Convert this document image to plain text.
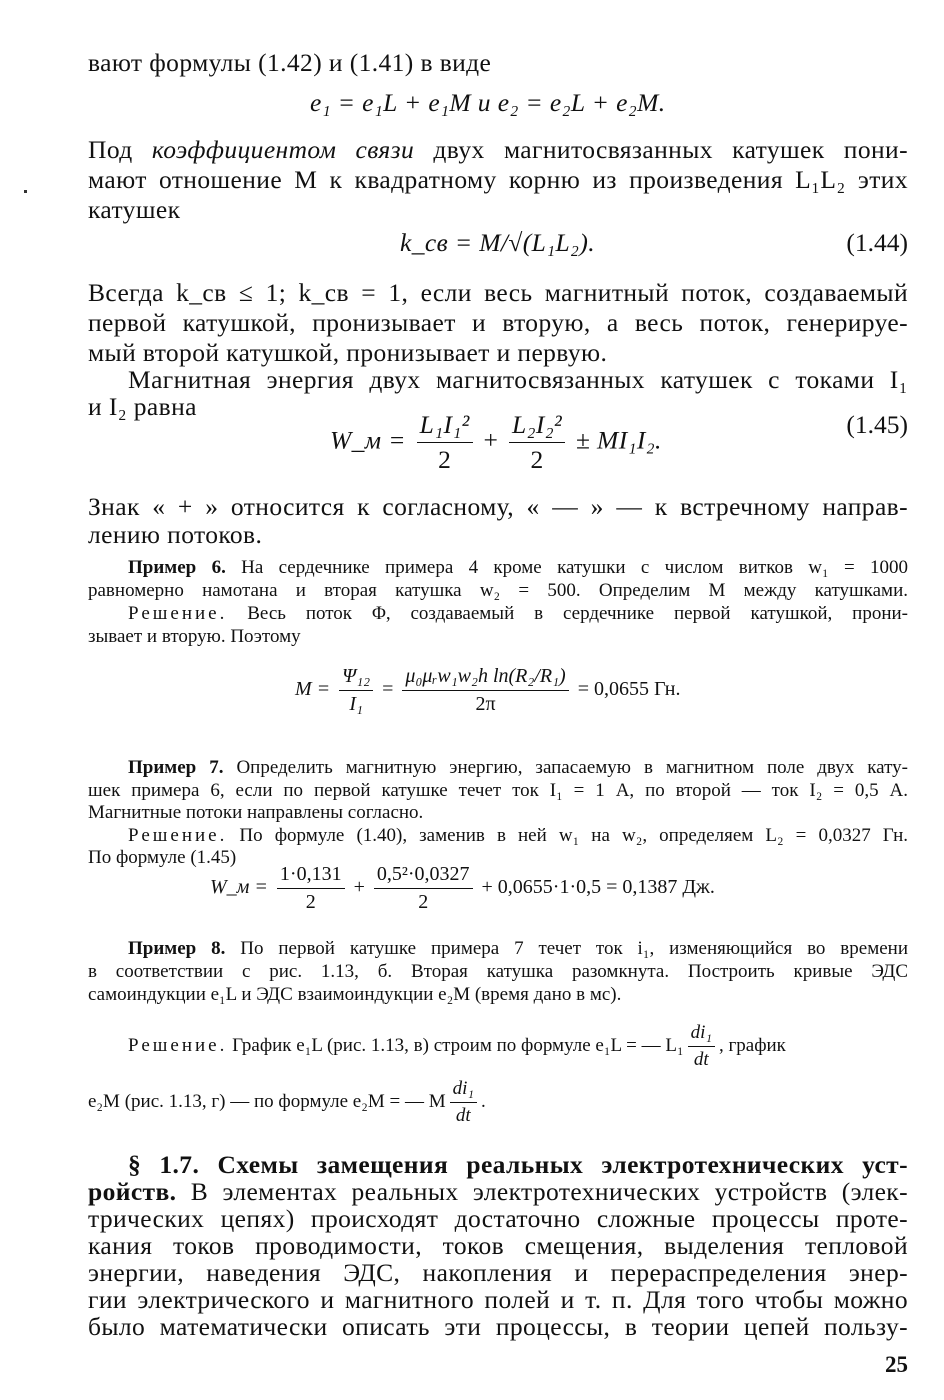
вают формулы (1.42) и (1.41) в виде
e₁ = e₁L + e₁M и e₂ = e₂L + e₂M.
Под коэффициентом связи двух магнитосвязанных катушек пони-
мают отношение M к квадратному корню из произведения L₁L₂ этих
катушек
k_св = M/√(L₁L₂).	(1.44)
Всегда k_св ≤ 1; k_св = 1, если весь магнитный поток, создаваемый
первой катушкой, пронизывает и вторую, а весь поток, генерируе-
мый второй катушкой, пронизывает и первую.
Магнитная энергия двух магнитосвязанных катушек с токами I₁
и I₂ равна
W_м = $\frac{\text{L₁I₁²}}{2} + \frac{\text{L₂I₂²}}{2} \pm MI_1I_2$.
(1.45)
Знак « + » относится к согласному, « — » — к встречному направ-
лению потоков.
Пример 6. На сердечнике примера 4 кроме катушки с числом витков w₁ = 1000
равномерно намотана и вторая катушка w₂ = 500. Определим M между катушками.
Решение. Весь поток Φ, создаваемый в сердечнике первой катушкой, прони-
зывает и вторую. Поэтому
$M = \frac{\text{Ψ₁₂}}{\text{I₁}} = \frac{\text{μ₀μᵣw₁w₂h ln(R₂/R₁)}}{2\pi} = 0,0655$ Гн.
Пример 7. Определить магнитную энергию, запасаемую в магнитном поле двух кату-
шек примера 6, если по первой катушке течет ток I₁ = 1 А, по второй — ток I₂ = 0,5 А.
Магнитные потоки направлены согласно.
Решение. По формуле (1.40), заменив в ней w₁ на w₂, определяем L₂ = 0,0327 Гн.
По формуле (1.45)
W_м = $\frac{1\cdot 0,131}{2} + \frac{\text{0,5²·0,0327}}{2} + 0,0655\cdot 1\cdot 0,5 = 0,1387$ Дж.
Пример 8. По первой катушке примера 7 течет ток i₁, изменяющийся во времени
в соответствии с рис. 1.13, б. Вторая катушка разомкнута. Построить кривые ЭДС
самоиндукции e₁L и ЭДС взаимоиндукции e₂M (время дано в мс).
Решение. График e₁L (рис. 1.13, в) строим по формуле e₁L = — $L_1 \frac{\text{di₁}}{dt}$ , график
e₂M (рис. 1.13, г) — по формуле e₂M = — M $\frac{\text{di₁}}{dt}$ .
§ 1.7. Схемы замещения реальных электротехнических уст-
ройств. В элементах реальных электротехнических устройств (элек-
трических цепях) происходят достаточно сложные процессы проте-
кания токов проводимости, токов смещения, выделения тепловой
энергии, наведения ЭДС, накопления и перераспределения энер-
гии электрического и магнитного полей и т. п. Для того чтобы можно
было математически описать эти процессы, в теории цепей пользу-
25
